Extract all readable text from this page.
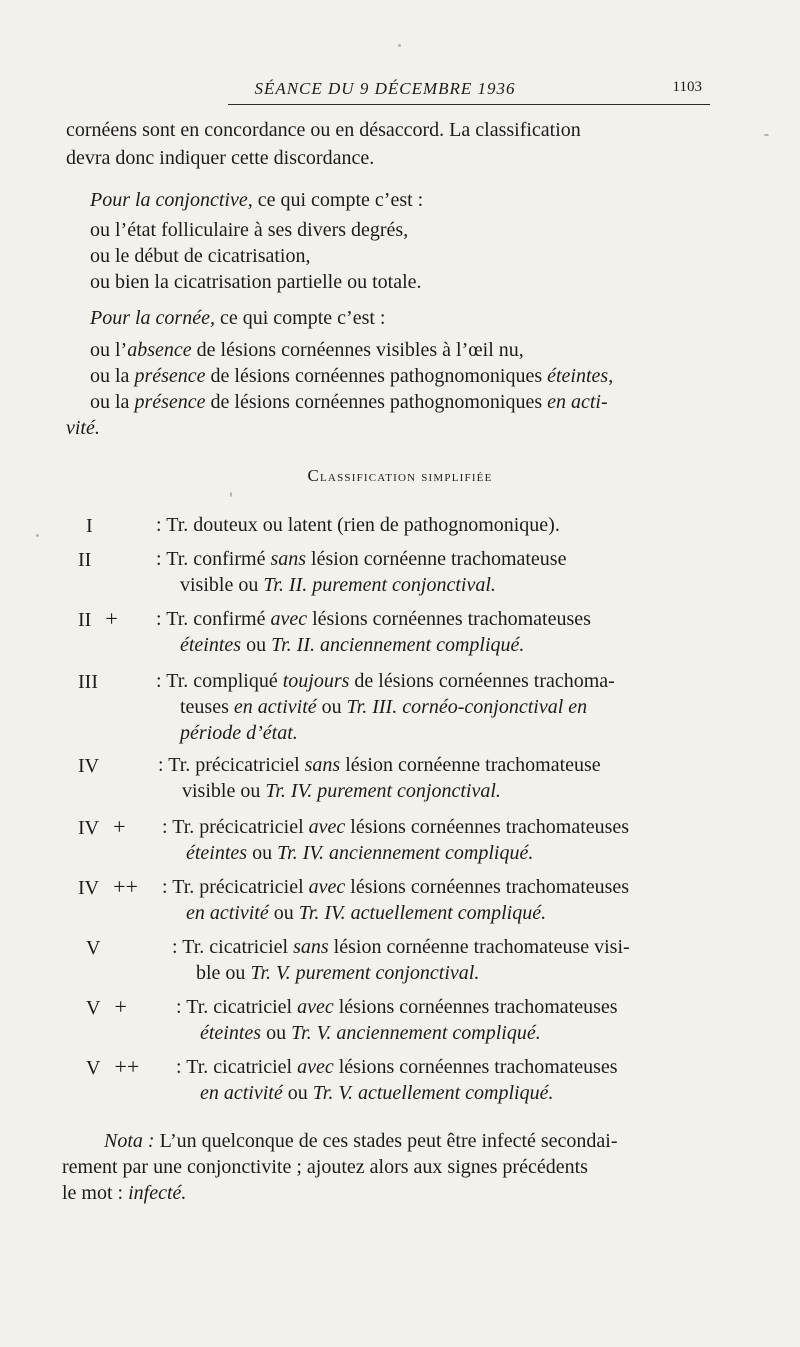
SÉANCE DU 9 DÉCEMBRE 1936	1103
cornéens sont en concordance ou en désaccord. La classification
devra donc indiquer cette discordance.
Pour la conjonctive, ce qui compte c’est :
ou l’état folliculaire à ses divers degrés,
ou le début de cicatrisation,
ou bien la cicatrisation partielle ou totale.
Pour la cornée, ce qui compte c’est :
ou l’absence de lésions cornéennes visibles à l’œil nu,
ou la présence de lésions cornéennes pathognomoniques éteintes,
ou la présence de lésions cornéennes pathognomoniques en acti-
vité.
Classification simplifiée
I	: Tr. douteux ou latent (rien de pathognomonique).
II	: Tr. confirmé sans lésion cornéenne trachomateuse
visible ou Tr. II. purement conjonctival.
II + : Tr. confirmé avec lésions cornéennes trachomateuses
éteintes ou Tr. II. anciennement compliqué.
III	: Tr. compliqué toujours de lésions cornéennes trachoma-
teuses en activité ou Tr. III. cornéo-conjonctival en
période d’état.
IV	: Tr. précicatriciel sans lésion cornéenne trachomateuse
visible ou Tr. IV. purement conjonctival.
IV + : Tr. précicatriciel avec lésions cornéennes trachomateuses
éteintes ou Tr. IV. anciennement compliqué.
IV ++ : Tr. précicatriciel avec lésions cornéennes trachomateuses
en activité ou Tr. IV. actuellement compliqué.
V	: Tr. cicatriciel sans lésion cornéenne trachomateuse visi-
ble ou Tr. V. purement conjonctival.
V + : Tr. cicatriciel avec lésions cornéennes trachomateuses
éteintes ou Tr. V. anciennement compliqué.
V ++ : Tr. cicatriciel avec lésions cornéennes trachomateuses
en activité ou Tr. V. actuellement compliqué.
Nota : L’un quelconque de ces stades peut être infecté secondai-
rement par une conjonctivite ; ajoutez alors aux signes précédents
le mot : infecté.
